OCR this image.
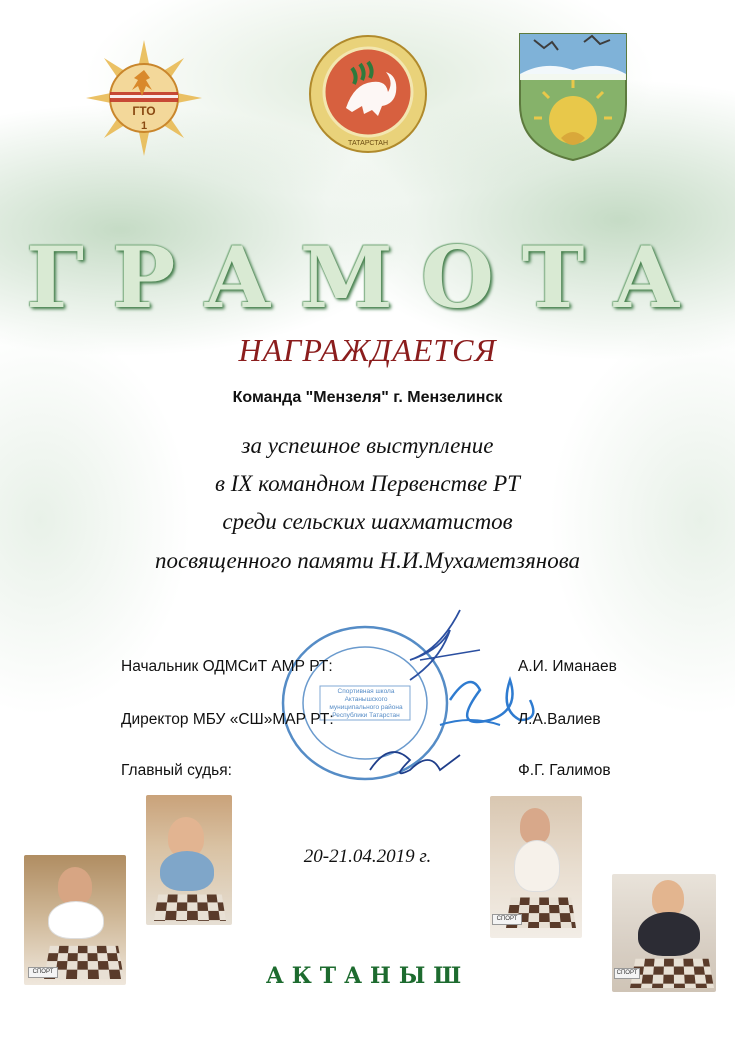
ГТО
1
ТАТАРСТАН
ГРАМОТА
НАГРАЖДАЕТСЯ
Команда "Мензеля" г. Мензелинск
за успешное выступление
в IX командном Первенстве РТ
среди сельских шахматистов
посвященного памяти Н.И.Мухаметзянова
Спортивная школа Актанышского муниципального района Республики Татарстан
Начальник ОДМСиТ АМР РТ:	А.И. Иманаев
Директор МБУ «СШ»МАР РТ:	Л.А.Валиев
Главный судья:	Ф.Г. Галимов
20-21.04.2019 г.
СПОРТ
СПОРТ
СПОРТ
АКТАНЫШ
